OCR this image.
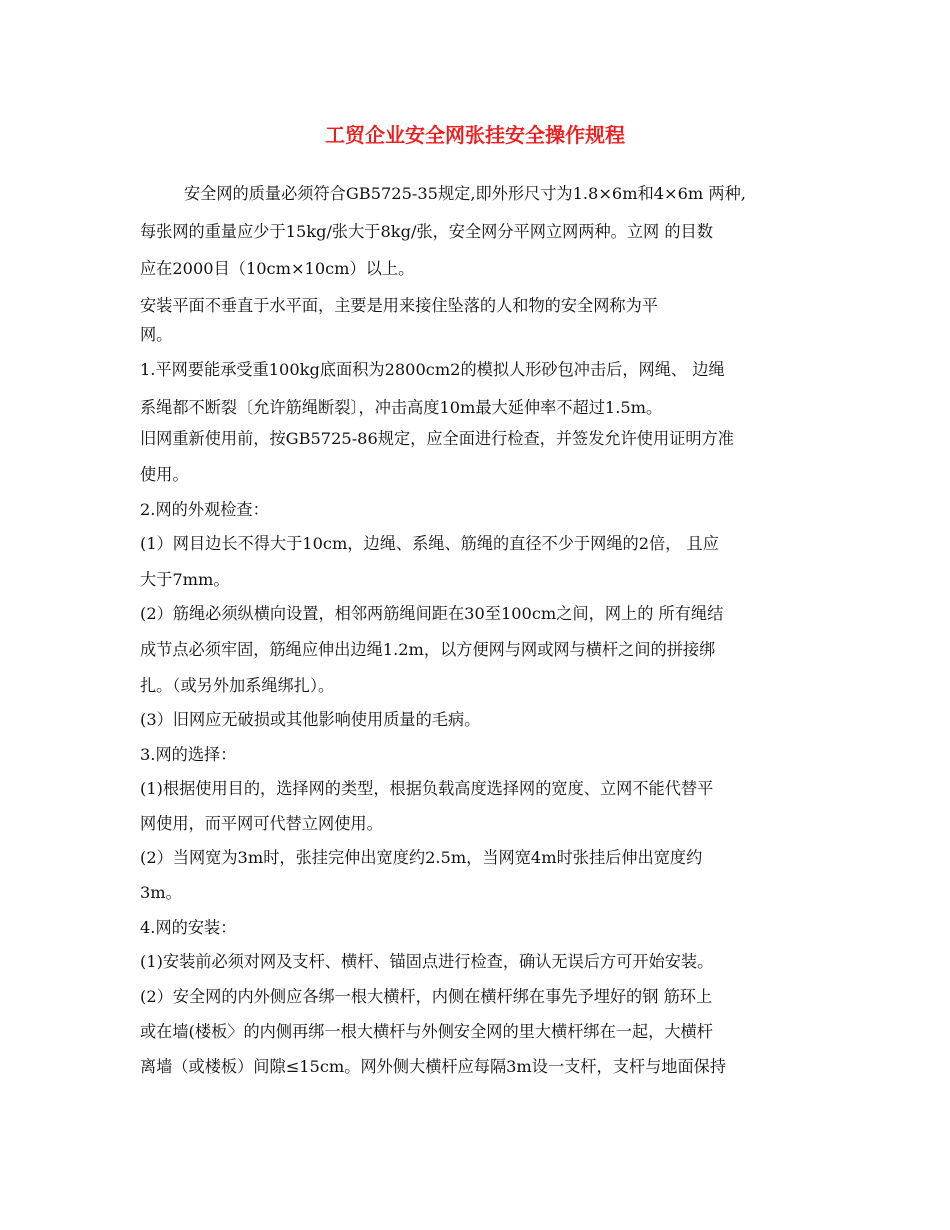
工贸企业安全网张挂安全操作规程

安全网的质量必须符合GB5725-35规定,即外形尺寸为1.8×6m和4×6m 两种,

每张网的重量应少于15kg/张大于8kg/张，安全网分平网立网两种。立网 的目数

应在2000目（10cm×10cm）以上。

安装平面不垂直于水平面，主要是用来接住坠落的人和物的安全网称为平

网。

1.平网要能承受重100kg底面积为2800cm2的模拟人形砂包冲击后，网绳、 边绳

系绳都不断裂〔允许筋绳断裂〕，冲击高度10m最大延伸率不超过1.5m。

旧网重新使用前，按GB5725-86规定，应全面进行检查，并签发允许使用证明方准

使用。

2.网的外观检查：

(1）网目边长不得大于10cm，边绳、系绳、筋绳的直径不少于网绳的2倍， 且应

大于7mm。

(2）筋绳必须纵横向设置，相邻两筋绳间距在30至100cm之间，网上的 所有绳结

成节点必须牢固，筋绳应伸出边绳1.2m，以方便网与网或网与横杆之间的拼接绑

扎。（或另外加系绳绑扎）。

(3）旧网应无破损或其他影响使用质量的毛病。

3.网的选择：

(1)根据使用目的，选择网的类型，根据负载高度选择网的宽度、立网不能代替平

网使用，而平网可代替立网使用。

(2）当网宽为3m时，张挂完伸出宽度约2.5m，当网宽4m时张挂后伸出宽度约

3m。

4.网的安装：

(1)安装前必须对网及支杆、横杆、锚固点进行检查，确认无误后方可开始安装。

(2）安全网的内外侧应各绑一根大横杆，内侧在横杆绑在事先予埋好的钢 筋环上

或在墙(楼板〉的内侧再绑一根大横杆与外侧安全网的里大横杆绑在一起，大横杆

离墙（或楼板）间隙≤15cm。网外侧大横杆应每隔3m设一支杆，支杆与地面保持
